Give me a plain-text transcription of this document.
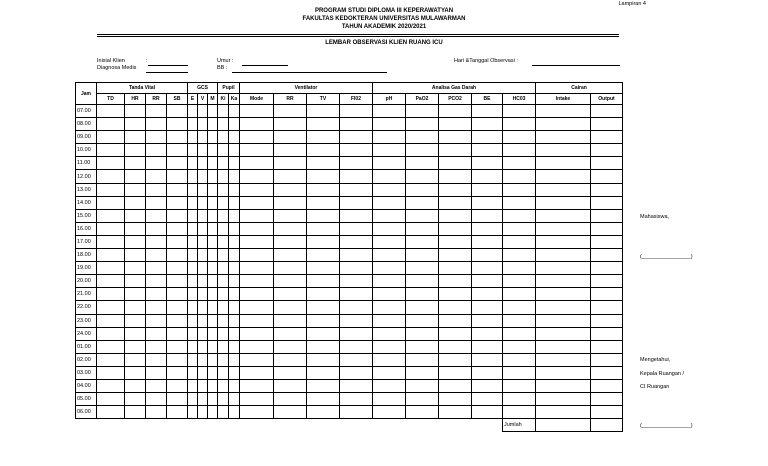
Lampiran 4
PROGRAM STUDI DIPLOMA III KEPERAWATYAN
FAKULTAS KEDOKTERAN UNIVERSITAS MULAWARMAN
TAHUN AKADEMIK 2020/2021
LEMBAR OBSERVASI KLIEN RUANG ICU
Inisial Klien	:
Diagnosa Medis
Umur :
BB :
Hari &Tanggal Observasi :
Jam	Tanda Vital				GCS			Pupil		Ventilator				Analisa Gas Darah					Cairan	
	TD	HR	RR	SB	E	V	M	Ki	Ka	Mode	RR	TV	FI02	pH	PaO2	PCO2	BE	HC03	Intake	Output
07.00																				
08.00																				
09.00																				
10.00																				
11.00																				
12.00																				
13.00																				
14.00																				
15.00																				
16.00																				
17.00																				
18.00																				
19.00																				
20.00																				
21.00																				
22.00																				
23.00																				
24.00																				
01.00																				
02.00																				
03.00																				
04.00																				
05.00																				
06.00																				
																		Jumlah		
Mahasiswa,
(________________)
Mengetahui,
Kepala Ruangan /
CI Ruangan
(________________)
